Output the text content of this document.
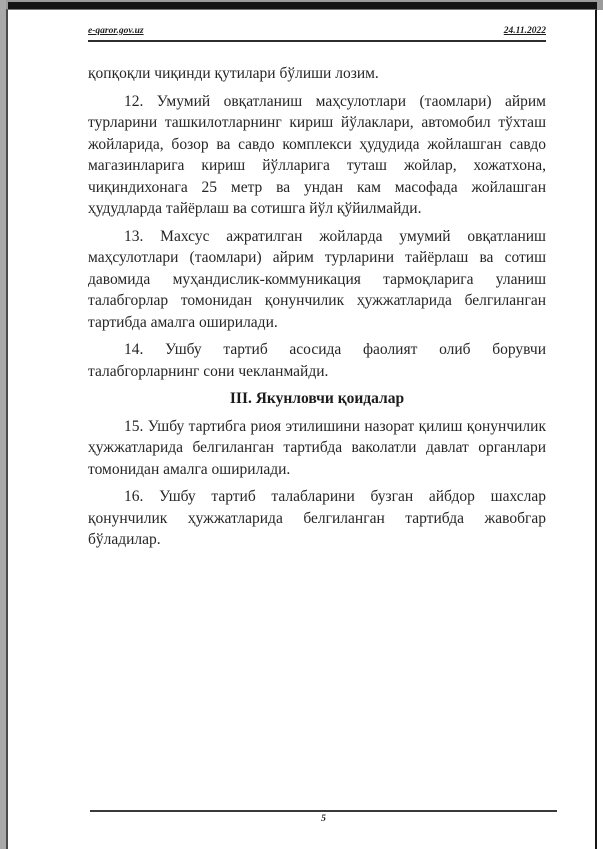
e-qaror.gov.uz	24.11.2022

қопқоқли чиқинди қутилари бўлиши лозим.

12. Умумий овқатланиш маҳсулотлари (таомлари) айрим турларини ташкилотларнинг кириш йўлаклари, автомобил тўхташ жойларида, бозор ва савдо комплекси ҳудудида жойлашган савдо магазинларига кириш йўлларига туташ жойлар, хожатхона, чиқиндихонага 25 метр ва ундан кам масофада жойлашган ҳудудларда тайёрлаш ва сотишга йўл қўйилмайди.

13. Махсус ажратилган жойларда умумий овқатланиш маҳсулотлари (таомлари) айрим турларини тайёрлаш ва сотиш давомида муҳандислик-коммуникация тармоқларига уланиш талабгорлар томонидан қонунчилик ҳужжатларида белгиланган тартибда амалга оширилади.

14. Ушбу тартиб асосида фаолият олиб борувчи талабгорларнинг сони чекланмайди.

III. Якунловчи қоидалар

15. Ушбу тартибга риоя этилишини назорат қилиш қонунчилик ҳужжатларида белгиланган тартибда ваколатли давлат органлари томонидан амалга оширилади.

16. Ушбу тартиб талабларини бузган айбдор шахслар қонунчилик ҳужжатларида белгиланган тартибда жавобгар бўладилар.

5
